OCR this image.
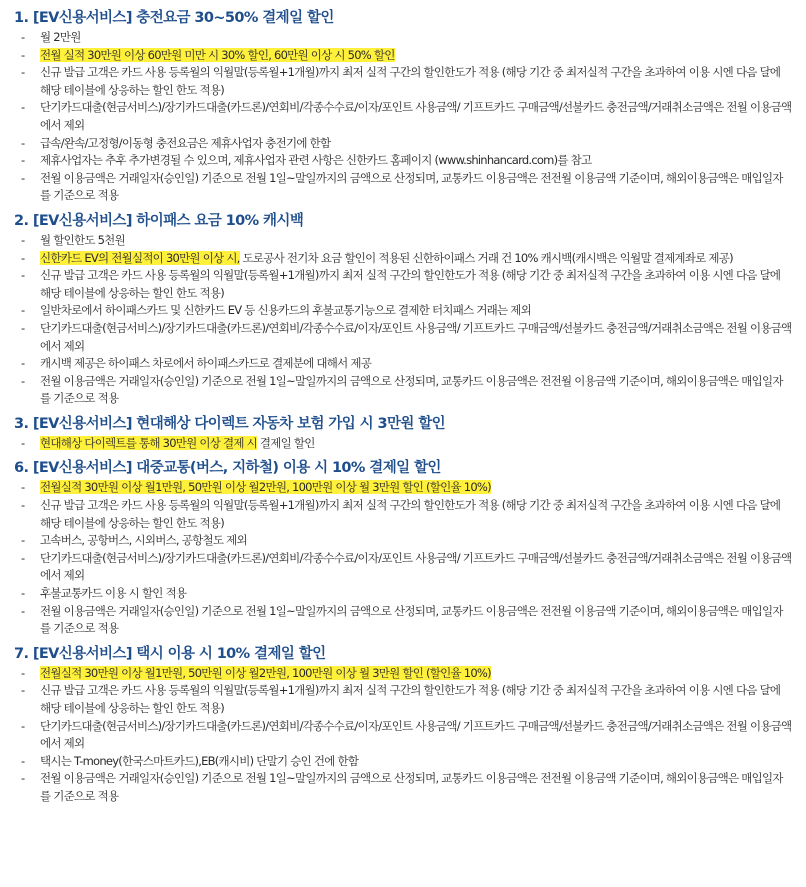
1. [EV신용서비스] 충전요금 30~50% 결제일 할인
- 월 2만원
- 전월 실적 30만원 이상 60만원 미만 시 30% 할인, 60만원 이상 시 50% 할인
- 신규 발급 고객은 카드 사용 등록월의 익월말(등록월+1개월)까지 최저 실적 구간의 할인한도가 적용 (해당 기간 중 최저실적 구간을 초과하여 이용 시엔 다음 달에 해당 테이블에 상응하는 할인 한도 적용)
- 단기카드대출(현금서비스)/장기카드대출(카드론)/연회비/각종수수료/이자/포인트 사용금액/ 기프트카드 구매금액/선불카드 충전금액/거래취소금액은 전월 이용금액에서 제외
- 급속/완속/고정형/이동형 충전요금은 제휴사업자 충전기에 한함
- 제휴사업자는 추후 추가변경될 수 있으며, 제휴사업자 관련 사항은 신한카드 홈페이지 (www.shinhancard.com)를 참고
- 전월 이용금액은 거래일자(승인일) 기준으로 전월 1일~말일까지의 금액으로 산정되며, 교통카드 이용금액은 전전월 이용금액 기준이며, 해외이용금액은 매입일자를 기준으로 적용
2. [EV신용서비스] 하이패스 요금 10% 캐시백
- 월 할인한도 5천원
- 신한카드 EV의 전월실적이 30만원 이상 시, 도로공사 전기차 요금 할인이 적용된 신한하이패스 거래 건 10% 캐시백(캐시백은 익월말 결제계좌로 제공)
- 신규 발급 고객은 카드 사용 등록월의 익월말(등록월+1개월)까지 최저 실적 구간의 할인한도가 적용 (해당 기간 중 최저실적 구간을 초과하여 이용 시엔 다음 달에 해당 테이블에 상응하는 할인 한도 적용)
- 일반차로에서 하이패스카드 및 신한카드 EV 등 신용카드의 후불교통기능으로 결제한 터치패스 거래는 제외
- 단기카드대출(현금서비스)/장기카드대출(카드론)/연회비/각종수수료/이자/포인트 사용금액/ 기프트카드 구매금액/선불카드 충전금액/거래취소금액은 전월 이용금액에서 제외
- 캐시백 제공은 하이패스 차로에서 하이패스카드로 결제분에 대해서 제공
- 전월 이용금액은 거래일자(승인일) 기준으로 전월 1일~말일까지의 금액으로 산정되며, 교통카드 이용금액은 전전월 이용금액 기준이며, 해외이용금액은 매입일자를 기준으로 적용
3. [EV신용서비스] 현대해상 다이렉트 자동차 보험 가입 시 3만원 할인
- 현대해상 다이렉트를 통해 30만원 이상 결제 시 결제일 할인
6. [EV신용서비스] 대중교통(버스, 지하철) 이용 시 10% 결제일 할인
- 전월실적 30만원 이상 월1만원, 50만원 이상 월2만원, 100만원 이상 월 3만원 할인 (할인율 10%)
- 신규 발급 고객은 카드 사용 등록월의 익월말(등록월+1개월)까지 최저 실적 구간의 할인한도가 적용 (해당 기간 중 최저실적 구간을 초과하여 이용 시엔 다음 달에 해당 테이블에 상응하는 할인 한도 적용)
- 고속버스, 공항버스, 시외버스, 공항철도 제외
- 단기카드대출(현금서비스)/장기카드대출(카드론)/연회비/각종수수료/이자/포인트 사용금액/ 기프트카드 구매금액/선불카드 충전금액/거래취소금액은 전월 이용금액에서 제외
- 후불교통카드 이용 시 할인 적용
- 전월 이용금액은 거래일자(승인일) 기준으로 전월 1일~말일까지의 금액으로 산정되며, 교통카드 이용금액은 전전월 이용금액 기준이며, 해외이용금액은 매입일자를 기준으로 적용
7. [EV신용서비스] 택시 이용 시 10% 결제일 할인
- 전월실적 30만원 이상 월1만원, 50만원 이상 월2만원, 100만원 이상 월 3만원 할인 (할인율 10%)
- 신규 발급 고객은 카드 사용 등록월의 익월말(등록월+1개월)까지 최저 실적 구간의 할인한도가 적용 (해당 기간 중 최저실적 구간을 초과하여 이용 시엔 다음 달에 해당 테이블에 상응하는 할인 한도 적용)
- 단기카드대출(현금서비스)/장기카드대출(카드론)/연회비/각종수수료/이자/포인트 사용금액/ 기프트카드 구매금액/선불카드 충전금액/거래취소금액은 전월 이용금액에서 제외
- 택시는 T-money(한국스마트카드),EB(캐시비) 단말기 승인 건에 한함
- 전월 이용금액은 거래일자(승인일) 기준으로 전월 1일~말일까지의 금액으로 산정되며, 교통카드 이용금액은 전전월 이용금액 기준이며, 해외이용금액은 매입일자를 기준으로 적용
